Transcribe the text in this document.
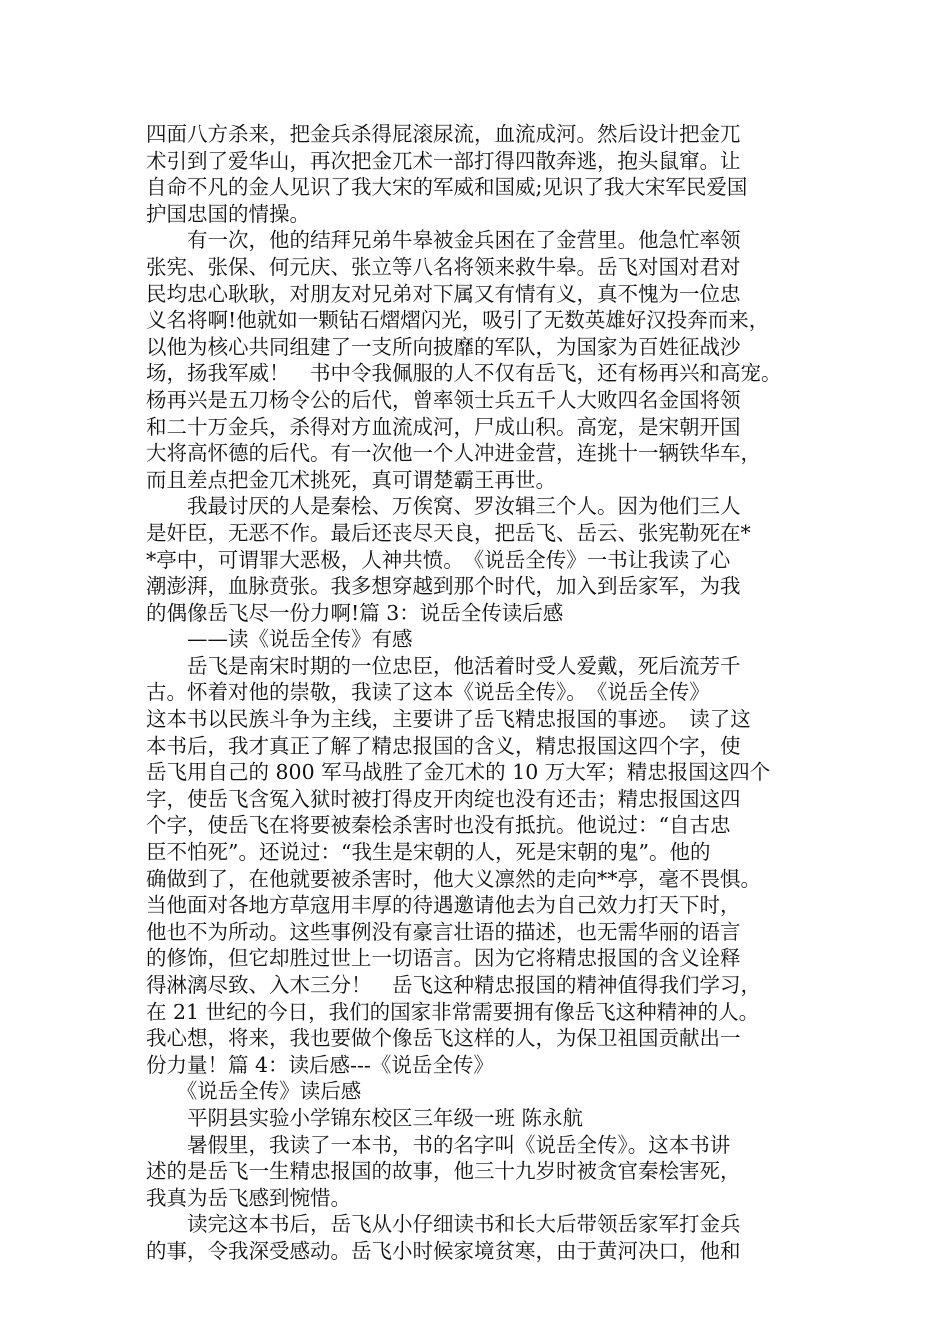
四面八方杀来，把金兵杀得屁滚尿流，血流成河。然后设计把金兀
术引到了爱华山，再次把金兀术一部打得四散奔逃，抱头鼠窜。让
自命不凡的金人见识了我大宋的军威和国威;见识了我大宋军民爱国
护国忠国的情操。
　　有一次，他的结拜兄弟牛皋被金兵困在了金营里。他急忙率领
张宪、张保、何元庆、张立等八名将领来救牛皋。岳飞对国对君对
民均忠心耿耿，对朋友对兄弟对下属又有情有义，真不愧为一位忠
义名将啊!他就如一颗钻石熠熠闪光，吸引了无数英雄好汉投奔而来，
以他为核心共同组建了一支所向披靡的军队，为国家为百姓征战沙
场，扬我军威！　书中令我佩服的人不仅有岳飞，还有杨再兴和高宠。
杨再兴是五刀杨令公的后代，曾率领士兵五千人大败四名金国将领
和二十万金兵，杀得对方血流成河，尸成山积。高宠，是宋朝开国
大将高怀德的后代。有一次他一个人冲进金营，连挑十一辆铁华车，
而且差点把金兀术挑死，真可谓楚霸王再世。
　　我最讨厌的人是秦桧、万俟窝、罗汝辑三个人。因为他们三人
是奸臣，无恶不作。最后还丧尽天良，把岳飞、岳云、张宪勒死在*
*亭中，可谓罪大恶极，人神共愤。　《说岳全传》一书让我读了心
潮澎湃，血脉贲张。我多想穿越到那个时代，加入到岳家军，为我
的偶像岳飞尽一份力啊!篇 3：说岳全传读后感
　　——读《说岳全传》有感
　　岳飞是南宋时期的一位忠臣，他活着时受人爱戴，死后流芳千
古。怀着对他的崇敬，我读了这本《说岳全传》。　《说岳全传》
这本书以民族斗争为主线，主要讲了岳飞精忠报国的事迹。　读了这
本书后，我才真正了解了精忠报国的含义，精忠报国这四个字，使
岳飞用自己的 800 军马战胜了金兀术的 10 万大军；精忠报国这四个
字，使岳飞含冤入狱时被打得皮开肉绽也没有还击；精忠报国这四
个字，使岳飞在将要被秦桧杀害时也没有抵抗。他说过：“自古忠
臣不怕死”。还说过：“我生是宋朝的人，死是宋朝的鬼”。他的
确做到了，在他就要被杀害时，他大义凛然的走向**亭，毫不畏惧。
当他面对各地方草寇用丰厚的待遇邀请他去为自己效力打天下时，
他也不为所动。这些事例没有豪言壮语的描述，也无需华丽的语言
的修饰，但它却胜过世上一切语言。因为它将精忠报国的含义诠释
得淋漓尽致、入木三分！　岳飞这种精忠报国的精神值得我们学习，
在 21 世纪的今日，我们的国家非常需要拥有像岳飞这种精神的人。
我心想，将来，我也要做个像岳飞这样的人，为保卫祖国贡献出一
份力量！篇 4：读后感---《说岳全传》
　　《说岳全传》读后感
　　平阴县实验小学锦东校区三年级一班 陈永航
　　暑假里，我读了一本书，书的名字叫《说岳全传》。这本书讲
述的是岳飞一生精忠报国的故事，他三十九岁时被贪官秦桧害死，
我真为岳飞感到惋惜。
　　读完这本书后，岳飞从小仔细读书和长大后带领岳家军打金兵
的事，令我深受感动。岳飞小时候家境贫寒，由于黄河决口，他和
